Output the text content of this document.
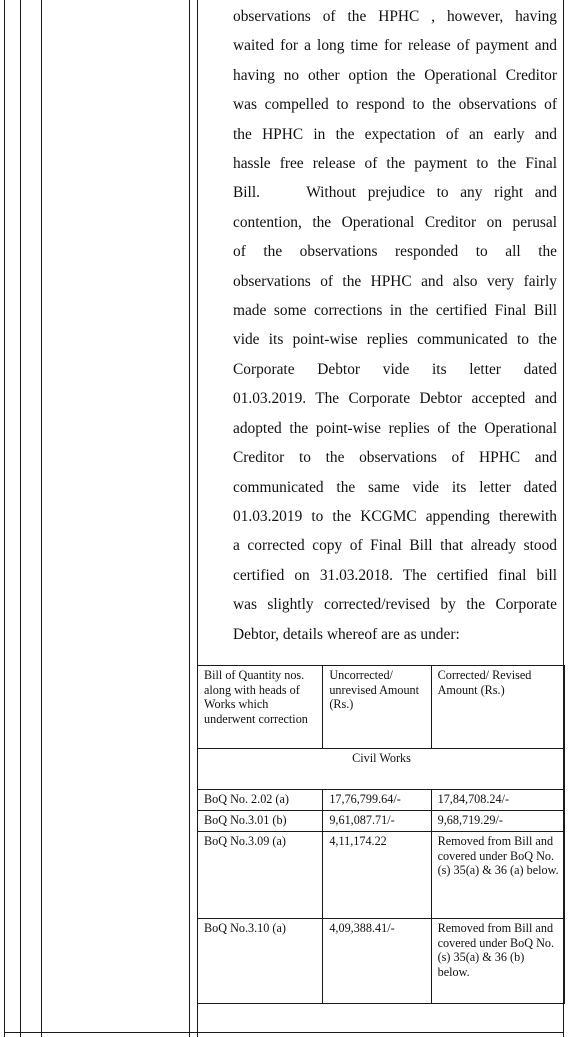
observations of the HPHC , however, having
waited for a long time for release of payment and
having no other option the Operational Creditor
was compelled to respond to the observations of
the HPHC in the expectation of an early and
hassle free release of the payment to the Final
Bill.    Without prejudice to any right and
contention, the Operational Creditor on perusal
of the observations responded to all the
observations of the HPHC and also very fairly
made some corrections in the certified Final Bill
vide its point-wise replies communicated to the
Corporate Debtor vide its letter dated
01.03.2019. The Corporate Debtor accepted and
adopted the point-wise replies of the Operational
Creditor to the observations of HPHC and
communicated the same vide its letter dated
01.03.2019 to the KCGMC appending therewith
a corrected copy of Final Bill that already stood
certified on 31.03.2018. The certified final bill
was slightly corrected/revised by the Corporate
Debtor, details whereof are as under:

Bill of Quantity nos. along with heads of Works which underwent correction	Uncorrected/ unrevised Amount (Rs.)	Corrected/ Revised Amount (Rs.)
Civil Works		
BoQ No. 2.02 (a)	17,76,799.64/-	17,84,708.24/-
BoQ No.3.01 (b)	9,61,087.71/-	9,68,719.29/-
BoQ No.3.09 (a)	4,11,174.22	Removed from Bill and covered under BoQ No.(s) 35(a) & 36 (a) below.
BoQ No.3.10 (a)	4,09,388.41/-	Removed from Bill and covered under BoQ No.(s) 35(a) & 36 (b) below.
